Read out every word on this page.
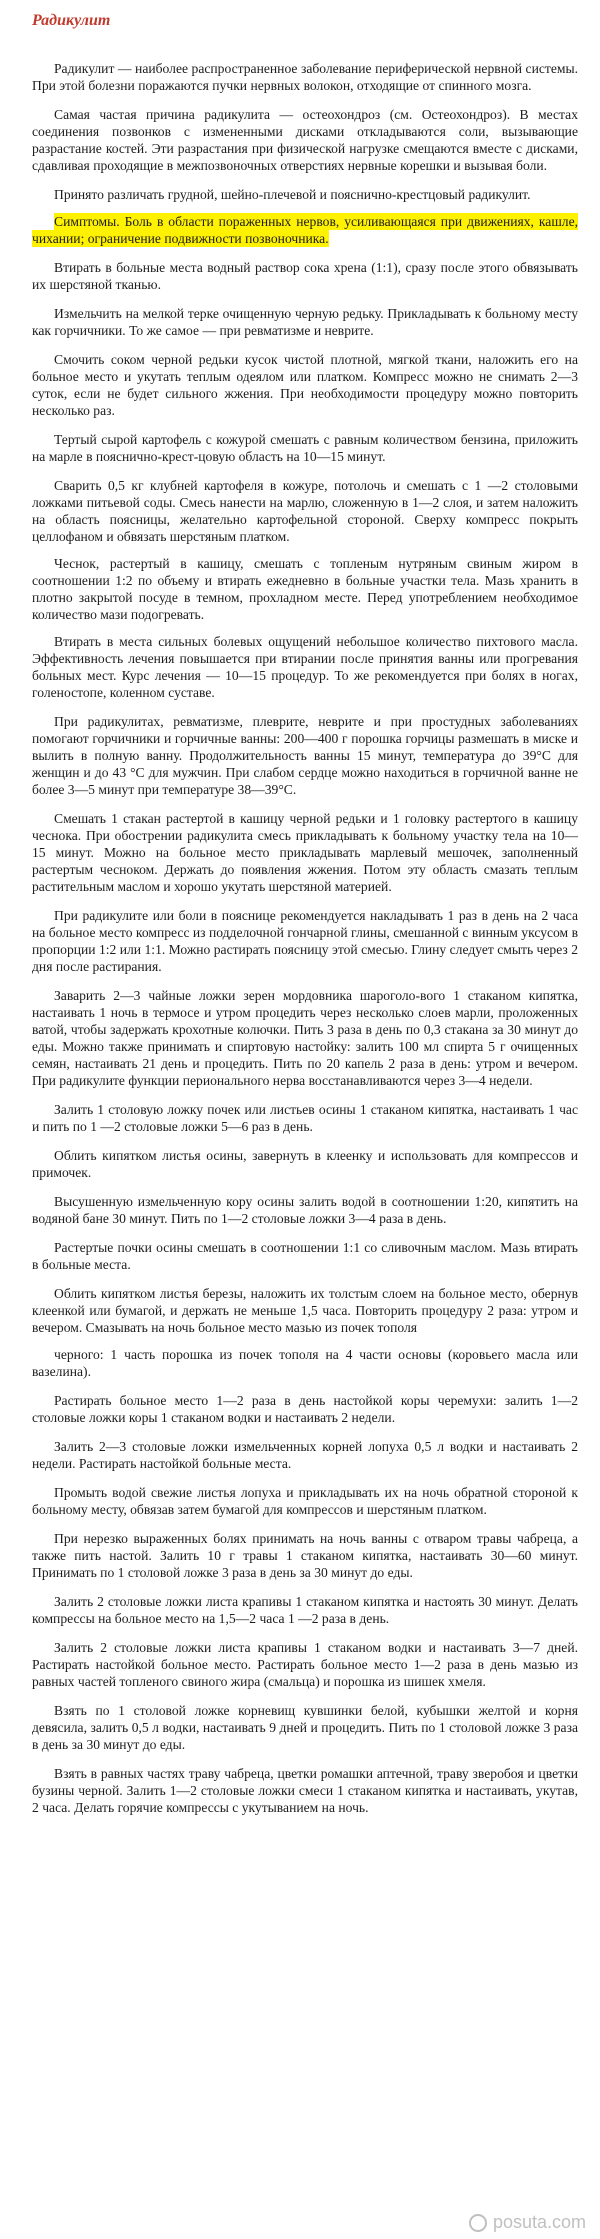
Радикулит

Радикулит — наиболее распространенное заболевание периферической нервной системы. При этой болезни поражаются пучки нервных волокон, отходящие от спинного мозга.

Самая частая причина радикулита — остеохондроз (см. Остеохондроз). В местах соединения позвонков с измененными дисками откладываются соли, вызывающие разрастание костей. Эти разрастания при физической нагрузке смещаются вместе с дисками, сдавливая проходящие в межпозвоночных отверстиях нервные корешки и вызывая боли.

Принято различать грудной, шейно-плечевой и пояснично-крестцовый радикулит.

Симптомы. Боль в области пораженных нервов, усиливающаяся при движениях, кашле, чихании; ограничение подвижности позвоночника.

Втирать в больные места водный раствор сока хрена (1:1), сразу после этого обвязывать их шерстяной тканью.

Измельчить на мелкой терке очищенную черную редьку. Прикладывать к больному месту как горчичники. То же самое — при ревматизме и неврите.

Смочить соком черной редьки кусок чистой плотной, мягкой ткани, наложить его на больное место и укутать теплым одеялом или платком. Компресс можно не снимать 2—3 суток, если не будет сильного жжения. При необходимости процедуру можно повторить несколько раз.

Тертый сырой картофель с кожурой смешать с равным количеством бензина, приложить на марле в пояснично-крест-цовую область на 10—15 минут.

Сварить 0,5 кг клубней картофеля в кожуре, потолочь и смешать с 1 —2 столовыми ложками питьевой соды. Смесь нанести на марлю, сложенную в 1—2 слоя, и затем наложить на область поясницы, желательно картофельной стороной. Сверху компресс покрыть целлофаном и обвязать шерстяным платком.

Чеснок, растертый в кашицу, смешать с топленым нутряным свиным жиром в соотношении 1:2 по объему и втирать ежедневно в больные участки тела. Мазь хранить в плотно закрытой посуде в темном, прохладном месте. Перед употреблением необходимое количество мази подогревать.

Втирать в места сильных болевых ощущений небольшое количество пихтового масла. Эффективность лечения повышается при втирании после принятия ванны или прогревания больных мест. Курс лечения — 10—15 процедур. То же рекомендуется при болях в ногах, голеностопе, коленном суставе.

При радикулитах, ревматизме, плеврите, неврите и при простудных заболеваниях помогают горчичники и горчичные ванны: 200—400 г порошка горчицы размешать в миске и вылить в полную ванну. Продолжительность ванны 15 минут, температура до 39°С для женщин и до 43 °С для мужчин. При слабом сердце можно находиться в горчичной ванне не более 3—5 минут при температуре 38—39°С.

Смешать 1 стакан растертой в кашицу черной редьки и 1 головку растертого в кашицу чеснока. При обострении радикулита смесь прикладывать к больному участку тела на 10— 15 минут. Можно на больное место прикладывать марлевый мешочек, заполненный растертым чесноком. Держать до появления жжения. Потом эту область смазать теплым растительным маслом и хорошо укутать шерстяной материей.

При радикулите или боли в пояснице рекомендуется накладывать 1 раз в день на 2 часа на больное место компресс из подделочной гончарной глины, смешанной с винным уксусом в пропорции 1:2 или 1:1. Можно растирать поясницу этой смесью. Глину следует смыть через 2 дня после растирания.

Заварить 2—3 чайные ложки зерен мордовника шароголо-вого 1 стаканом кипятка, настаивать 1 ночь в термосе и утром процедить через несколько слоев марли, проложенных ватой, чтобы задержать крохотные колючки. Пить 3 раза в день по 0,3 стакана за 30 минут до еды. Можно также принимать и спиртовую настойку: залить 100 мл спирта 5 г очищенных семян, настаивать 21 день и процедить. Пить по 20 капель 2 раза в день: утром и вечером. При радикулите функции перионального нерва восстанавливаются через 3—4 недели.

Залить 1 столовую ложку почек или листьев осины 1 стаканом кипятка, настаивать 1 час и пить по 1 —2 столовые ложки 5—6 раз в день.

Облить кипятком листья осины, завернуть в клеенку и использовать для компрессов и примочек.

Высушенную измельченную кору осины залить водой в соотношении 1:20, кипятить на водяной бане 30 минут. Пить по 1—2 столовые ложки 3—4 раза в день.

Растертые почки осины смешать в соотношении 1:1 со сливочным маслом. Мазь втирать в больные места.

Облить кипятком листья березы, наложить их толстым слоем на больное место, обернув клеенкой или бумагой, и держать не меньше 1,5 часа. Повторить процедуру 2 раза: утром и вечером. Смазывать на ночь больное место мазью из почек тополя

черного: 1 часть порошка из почек тополя на 4 части основы (коровьего масла или вазелина).

Растирать больное место 1—2 раза в день настойкой коры черемухи: залить 1—2 столовые ложки коры 1 стаканом водки и настаивать 2 недели.

Залить 2—3 столовые ложки измельченных корней лопуха 0,5 л водки и настаивать 2 недели. Растирать настойкой больные места.

Промыть водой свежие листья лопуха и прикладывать их на ночь обратной стороной к больному месту, обвязав затем бумагой для компрессов и шерстяным платком.

При нерезко выраженных болях принимать на ночь ванны с отваром травы чабреца, а также пить настой. Залить 10 г травы 1 стаканом кипятка, настаивать 30—60 минут. Принимать по 1 столовой ложке 3 раза в день за 30 минут до еды.

Залить 2 столовые ложки листа крапивы 1 стаканом кипятка и настоять 30 минут. Делать компрессы на больное место на 1,5—2 часа 1 —2 раза в день.

Залить 2 столовые ложки листа крапивы 1 стаканом водки и настаивать 3—7 дней. Растирать настойкой больное место. Растирать больное место 1—2 раза в день мазью из равных частей топленого свиного жира (смальца) и порошка из шишек хмеля.

Взять по 1 столовой ложке корневищ кувшинки белой, кубышки желтой и корня девясила, залить 0,5 л водки, настаивать 9 дней и процедить. Пить по 1 столовой ложке 3 раза в день за 30 минут до еды.

Взять в равных частях траву чабреца, цветки ромашки аптечной, траву зверобоя и цветки бузины черной. Залить 1—2 столовые ложки смеси 1 стаканом кипятка и настаивать, укутав, 2 часа. Делать горячие компрессы с укутыванием на ночь.

posuta.com
